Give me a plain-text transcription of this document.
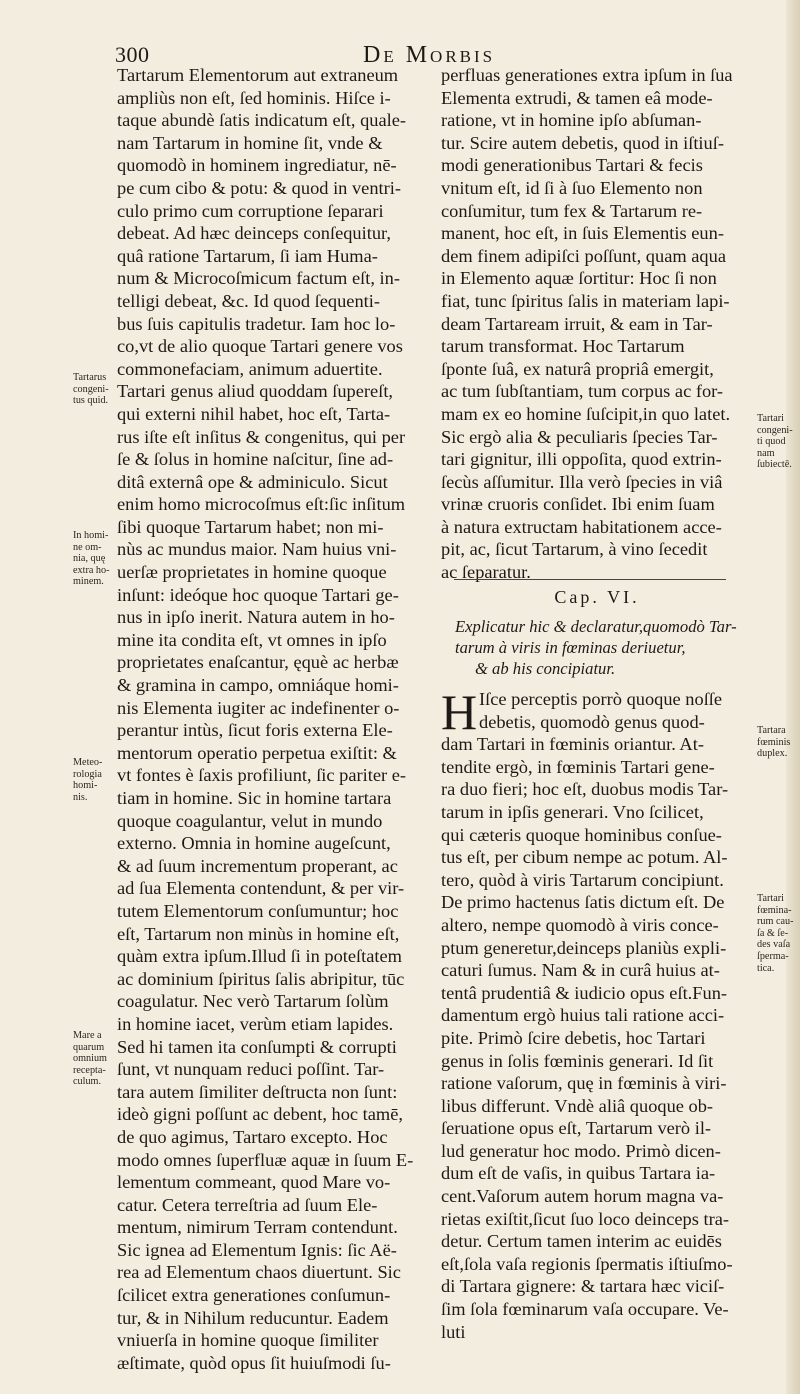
300	De Morbis
Tartarum Elementorum aut extraneum
ampliùs non eſt, ſed hominis. Hiſce i-
taque abundè ſatis indicatum eſt, quale-
nam Tartarum in homine ſit, vnde &
quomodò in hominem ingrediatur, nē-
pe cum cibo & potu: & quod in ventri-
culo primo cum corruptione ſeparari
debeat. Ad hæc deinceps conſequitur,
quâ ratione Tartarum, ſi iam Huma-
num & Microcoſmicum factum eſt, in-
telligi debeat, &c. Id quod ſequenti-
bus ſuis capitulis tradetur. Iam hoc lo-
co,vt de alio quoque Tartari genere vos
commonefaciam, animum aduertite.
Tartari genus aliud quoddam ſupereſt,
qui externi nihil habet, hoc eſt, Tarta-
rus iſte eſt inſitus & congenitus, qui per
ſe & ſolus in homine naſcitur, ſine ad-
ditâ externâ ope & adminiculo. Sicut
enim homo microcoſmus eſt:ſic inſitum
ſibi quoque Tartarum habet; non mi-
nùs ac mundus maior. Nam huius vni-
uerſæ proprietates in homine quoque
inſunt: ideóque hoc quoque Tartari ge-
nus in ipſo inerit. Natura autem in ho-
mine ita condita eſt, vt omnes in ipſo
proprietates enaſcantur, ęquè ac herbæ
& gramina in campo, omniáque homi-
nis Elementa iugiter ac indefinenter o-
perantur intùs, ſicut foris externa Ele-
mentorum operatio perpetua exiſtit: &
vt fontes è ſaxis profiliunt, ſic pariter e-
tiam in homine. Sic in homine tartara
quoque coagulantur, velut in mundo
externo. Omnia in homine augeſcunt,
& ad ſuum incrementum properant, ac
ad ſua Elementa contendunt, & per vir-
tutem Elementorum conſumuntur; hoc
eſt, Tartarum non minùs in homine eſt,
quàm extra ipſum.Illud ſi in poteſtatem
ac dominium ſpiritus ſalis abripitur, tūc
coagulatur. Nec verò Tartarum ſolùm
in homine iacet, verùm etiam lapides.
Sed hi tamen ita conſumpti & corrupti
ſunt, vt nunquam reduci poſſint. Tar-
tara autem ſimiliter deſtructa non ſunt:
ideò gigni poſſunt ac debent, hoc tamē,
de quo agimus, Tartaro excepto. Hoc
modo omnes ſuperfluæ aquæ in ſuum E-
lementum commeant, quod Mare vo-
catur. Cetera terreſtria ad ſuum Ele-
mentum, nimirum Terram contendunt.
Sic ignea ad Elementum Ignis: ſic Aë-
rea ad Elementum chaos diuertunt. Sic
ſcilicet extra generationes conſumun-
tur, & in Nihilum reducuntur. Eadem
vniuerſa in homine quoque ſimiliter
æſtimate, quòd opus ſit huiuſmodi ſu-
perfluas generationes extra ipſum in ſua
Elementa extrudi, & tamen eâ mode-
ratione, vt in homine ipſo abſuman-
tur. Scire autem debetis, quod in iſtiuſ-
modi generationibus Tartari & fecis
vnitum eſt, id ſi à ſuo Elemento non
conſumitur, tum fex & Tartarum re-
manent, hoc eſt, in ſuis Elementis eun-
dem finem adipiſci poſſunt, quam aqua
in Elemento aquæ ſortitur: Hoc ſi non
fiat, tunc ſpiritus ſalis in materiam lapi-
deam Tartaream irruit, & eam in Tar-
tarum transformat. Hoc Tartarum
ſponte ſuâ, ex naturâ propriâ emergit,
ac tum ſubſtantiam, tum corpus ac for-
mam ex eo homine ſuſcipit,in quo latet.
Sic ergò alia & peculiaris ſpecies Tar-
tari gignitur, illi oppoſita, quod extrin-
ſecùs aſſumitur. Illa verò ſpecies in viâ
vrinæ cruoris conſidet. Ibi enim ſuam
à natura extructam habitationem acce-
pit, ac, ſicut Tartarum, à vino ſecedit
ac ſeparatur.
Cap. VI.
Explicatur hic & declaratur,quomodò Tar-
tarum à viris in fœminas deriuetur,
& ab his concipiatur.
H Iſce perceptis porrò quoque noſſe
debetis, quomodò genus quod-
dam Tartari in fœminis oriantur. At-
tendite ergò, in fœminis Tartari gene-
ra duo fieri; hoc eſt, duobus modis Tar-
tarum in ipſis generari. Vno ſcilicet,
qui cæteris quoque hominibus conſue-
tus eſt, per cibum nempe ac potum. Al-
tero, quòd à viris Tartarum concipiunt.
De primo hactenus ſatis dictum eſt. De
altero, nempe quomodò à viris conce-
ptum generetur,deinceps planiùs expli-
caturi ſumus. Nam & in curâ huius at-
tentâ prudentiâ & iudicio opus eſt.Fun-
damentum ergò huius tali ratione acci-
pite. Primò ſcire debetis, hoc Tartari
genus in ſolis fœminis generari. Id ſit
ratione vaſorum, quę in fœminis à viri-
libus differunt. Vndè aliâ quoque ob-
ſeruatione opus eſt, Tartarum verò il-
lud generatur hoc modo. Primò dicen-
dum eſt de vaſis, in quibus Tartara ia-
cent.Vaſorum autem horum magna va-
rietas exiſtit,ſicut ſuo loco deinceps tra-
detur. Certum tamen interim ac euidēs
eſt,ſola vaſa regionis ſpermatis iſtiuſmo-
di Tartara gignere: & tartara hæc viciſ-
ſim ſola fœminarum vaſa occupare. Ve-
luti
Tartarus
congeni-
tus quid.
In homi-
ne om-
nia, quę
extra ho-
minem.
Meteo-
rologia
homi-
nis.
Mare a
quarum
omnium
recepta-
culum.
Tartari
congeni-
ti quod
nam
ſubiectē.
Tartara
fœminis
duplex.
Tartari
fœmina-
rum cau-
ſa & ſe-
des vaſa
ſperma-
tica.
